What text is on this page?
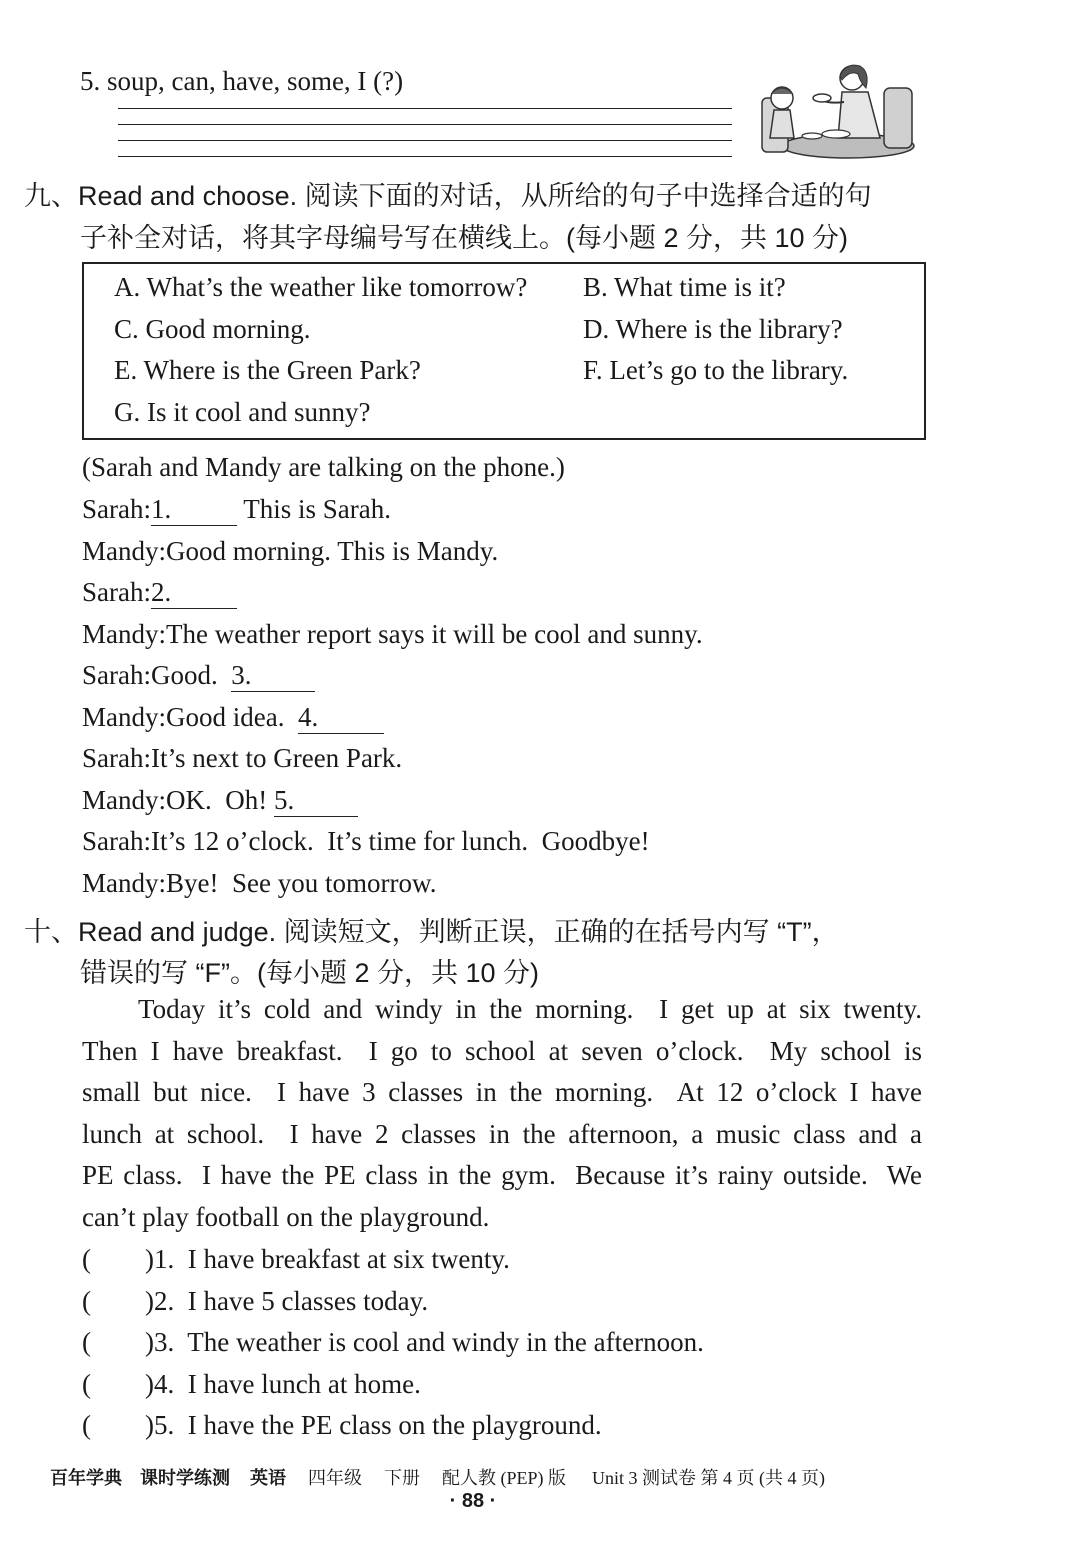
5. soup, can, have, some, I (?)
九、Read and choose. 阅读下面的对话，从所给的句子中选择合适的句
子补全对话，将其字母编号写在横线上。(每小题 2 分，共 10 分)
A. What’s the weather like tomorrow? B. What time is it?
C. Good morning.	D. Where is the library?
E. Where is the Green Park?	F. Let’s go to the library.
G. Is it cool and sunny?
(Sarah and Mandy are talking on the phone.)
Sarah:1. This is Sarah.
Mandy:Good morning. This is Mandy.
Sarah:2.
Mandy:The weather report says it will be cool and sunny.
Sarah:Good.  3.
Mandy:Good idea.  4.
Sarah:It’s next to Green Park.
Mandy:OK.  Oh! 5.
Sarah:It’s 12 o’clock.  It’s time for lunch.  Goodbye!
Mandy:Bye!  See you tomorrow.
十、Read and judge. 阅读短文，判断正误，正确的在括号内写 “T”，
错误的写 “F”。(每小题 2 分，共 10 分)
Today it’s cold and windy in the morning.  I get up at six twenty.
Then I have breakfast.  I go to school at seven o’clock.  My school is
small but nice.  I have 3 classes in the morning.  At 12 o’clock I have
lunch at school.  I have 2 classes in the afternoon, a music class and a
PE class.  I have the PE class in the gym.  Because it’s rainy outside.  We
can’t play football on the playground.
(        )1.  I have breakfast at six twenty.
(        )2.  I have 5 classes today.
(        )3.  The weather is cool and windy in the afternoon.
(        )4.  I have lunch at home.
(        )5.  I have the PE class on the playground.
百年学典 课时学练测 英语 四年级 下册 配人教 (PEP) 版 Unit 3 测试卷 第 4 页 (共 4 页)
· 88 ·
